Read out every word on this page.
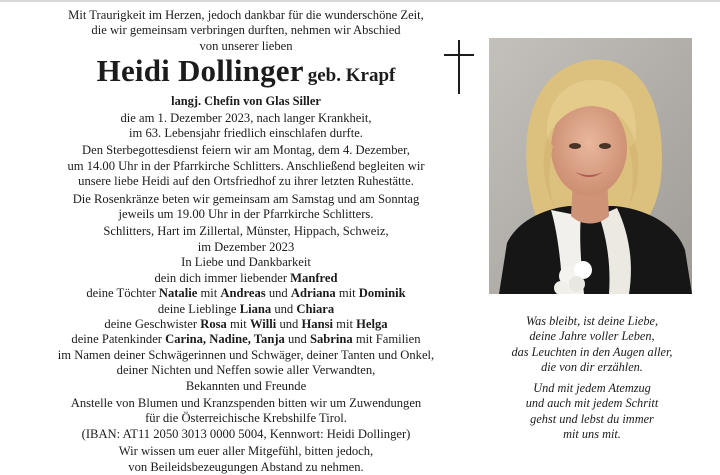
Mit Traurigkeit im Herzen, jedoch dankbar für die wunderschöne Zeit,

die wir gemeinsam verbringen durften, nehmen wir Abschied

von unserer lieben

Heidi Dollinger geb. Krapf

langj. Chefin von Glas Siller

die am 1. Dezember 2023, nach langer Krankheit,

im 63. Lebensjahr friedlich einschlafen durfte.

Den Sterbegottesdienst feiern wir am Montag, dem 4. Dezember,

um 14.00 Uhr in der Pfarrkirche Schlitters. Anschließend begleiten wir

unsere liebe Heidi auf den Ortsfriedhof zu ihrer letzten Ruhestätte.

Die Rosenkränze beten wir gemeinsam am Samstag und am Sonntag

jeweils um 19.00 Uhr in der Pfarrkirche Schlitters.

Schlitters, Hart im Zillertal, Münster, Hippach, Schweiz,

im Dezember 2023

In Liebe und Dankbarkeit

dein dich immer liebender Manfred

deine Töchter Natalie mit Andreas und Adriana mit Dominik

deine Lieblinge Liana und Chiara

deine Geschwister Rosa mit Willi und Hansi mit Helga

deine Patenkinder Carina, Nadine, Tanja und Sabrina mit Familien

im Namen deiner Schwägerinnen und Schwäger, deiner Tanten und Onkel,

deiner Nichten und Neffen sowie aller Verwandten,

Bekannten und Freunde

Anstelle von Blumen und Kranzspenden bitten wir um Zuwendungen

für die Österreichische Krebshilfe Tirol.

(IBAN: AT11 2050 3013 0000 5004, Kennwort: Heidi Dollinger)

Wir wissen um euer aller Mitgefühl, bitten jedoch,

von Beileidsbezeugungen Abstand zu nehmen.

Was bleibt, ist deine Liebe,

deine Jahre voller Leben,

das Leuchten in den Augen aller,

die von dir erzählen.

Und mit jedem Atemzug

und auch mit jedem Schritt

gehst und lebst du immer

mit uns mit.
